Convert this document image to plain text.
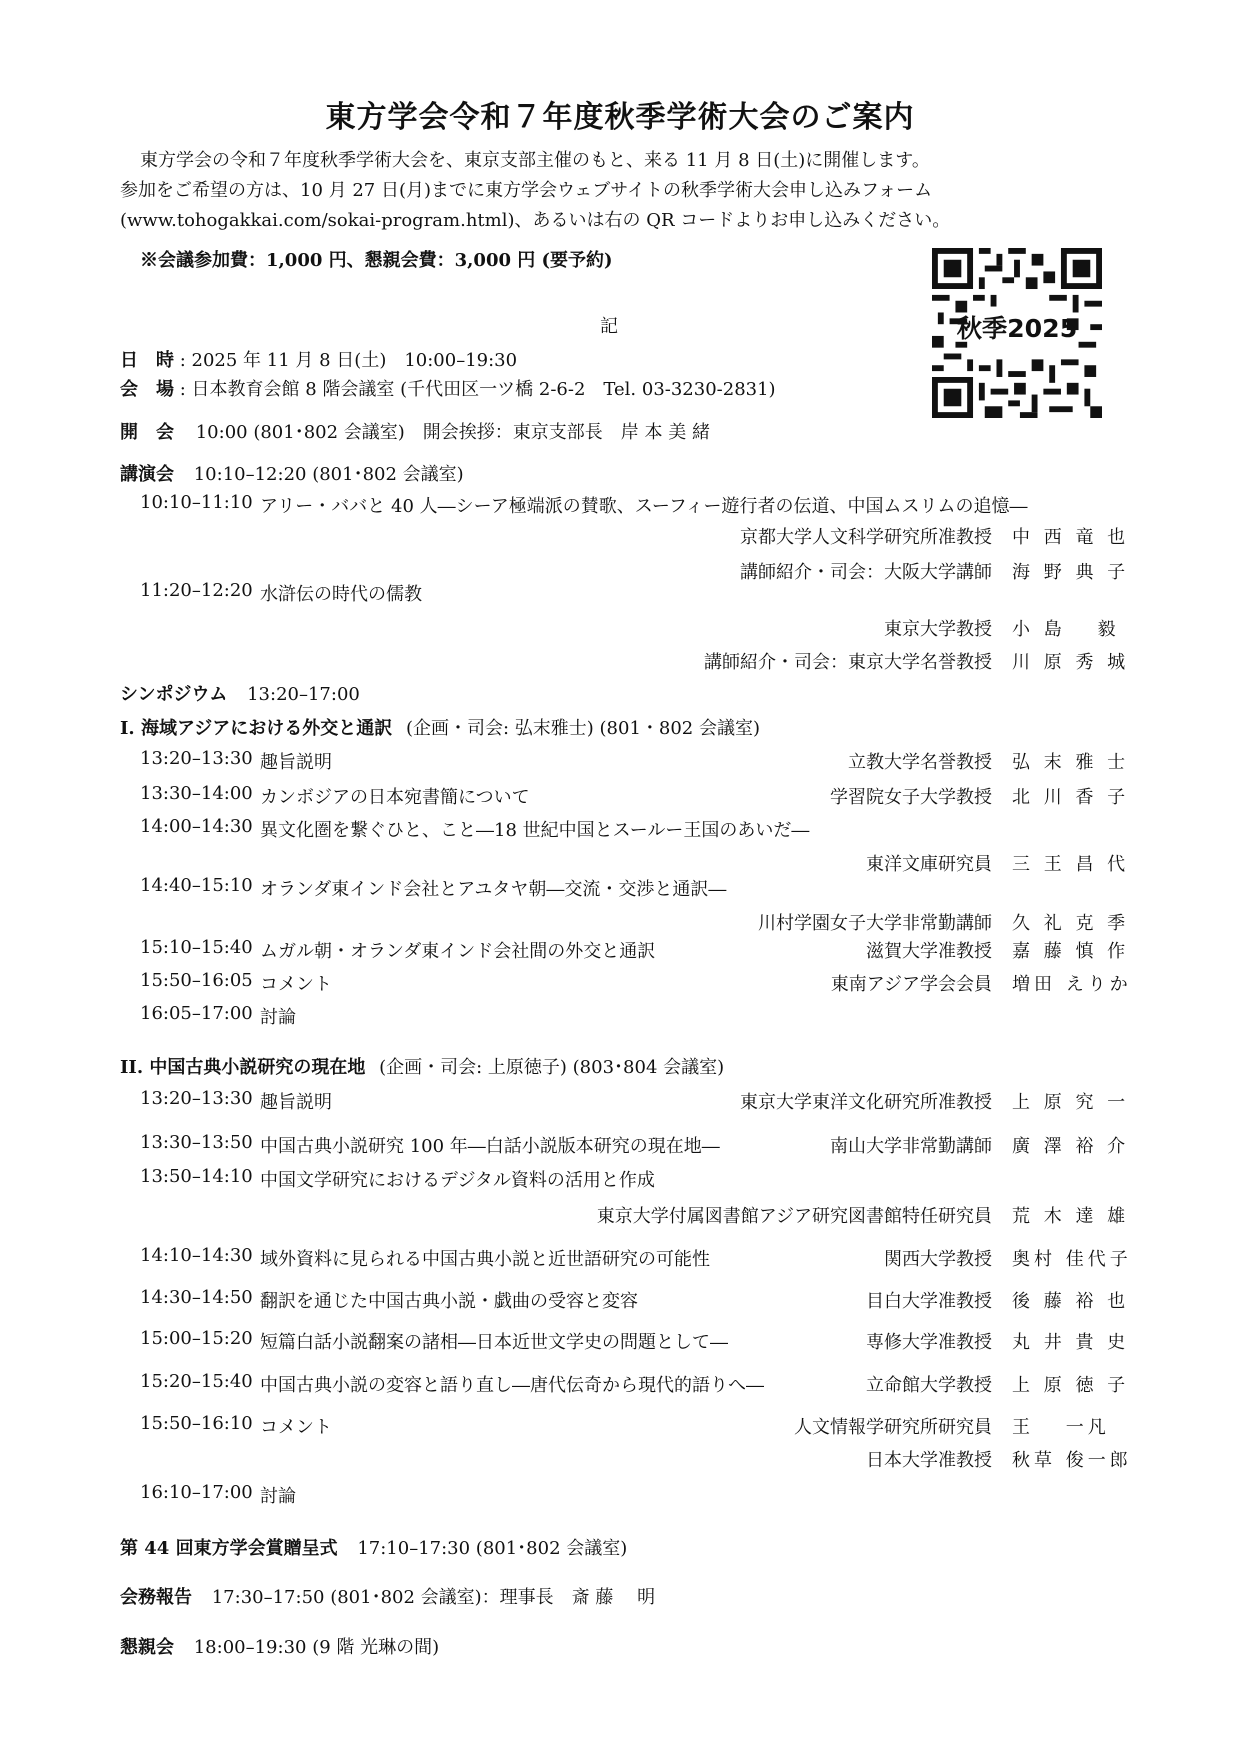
東方学会令和７年度秋季学術大会のご案内

東方学会の令和７年度秋季学術大会を、東京支部主催のもと、来る 11 月 8 日(土)に開催します。

参加をご希望の方は、10 月 27 日(月)までに東方学会ウェブサイトの秋季学術大会申し込みフォーム

(www.tohogakkai.com/sokai-program.html)、あるいは右の QR コードよりお申し込みください。

※会議参加費：1,000 円、懇親会費：3,000 円 (要予約)
秋季2025
記
日　時 : 2025 年 11 月 8 日(土)　10:00–19:30
会　場 : 日本教育会館 8 階会議室 (千代田区一ツ橋 2-6-2　Tel. 03-3230-2831)
開　会 10:00 (801･802 会議室)　開会挨拶：東京支部長　岸 本 美 緒
講演会 10:10–12:20 (801･802 会議室)
10:10–11:10 アリー・ババと 40 人―シーア極端派の賛歌、スーフィー遊行者の伝道、中国ムスリムの追憶―
京都大学人文科学研究所准教授 中 西 竜 也
講師紹介・司会：大阪大学講師 海 野 典 子
11:20–12:20 水滸伝の時代の儒教
東京大学教授 小 島　 毅
講師紹介・司会：東京大学名誉教授 川 原 秀 城
シンポジウム 13:20–17:00
I. 海域アジアにおける外交と通訳 (企画・司会: 弘末雅士) (801・802 会議室)
13:20–13:30 趣旨説明	立教大学名誉教授 弘 末 雅 士
13:30–14:00 カンボジアの日本宛書簡について	学習院女子大学教授 北 川 香 子
14:00–14:30 異文化圏を繋ぐひと、こと―18 世紀中国とスールー王国のあいだ―
東洋文庫研究員 三 王 昌 代
14:40–15:10 オランダ東インド会社とアユタヤ朝―交流・交渉と通訳―
川村学園女子大学非常勤講師 久 礼 克 季
15:10–15:40 ムガル朝・オランダ東インド会社間の外交と通訳	滋賀大学准教授 嘉 藤 慎 作
15:50–16:05 コメント	東南アジア学会会員 増田 えりか
16:05–17:00 討論
II. 中国古典小説研究の現在地 (企画・司会: 上原徳子) (803･804 会議室)
13:20–13:30 趣旨説明	東京大学東洋文化研究所准教授 上 原 究 一
13:30–13:50 中国古典小説研究 100 年―白話小説版本研究の現在地―	南山大学非常勤講師 廣 澤 裕 介
13:50–14:10 中国文学研究におけるデジタル資料の活用と作成
東京大学付属図書館アジア研究図書館特任研究員 荒 木 達 雄
14:10–14:30 域外資料に見られる中国古典小説と近世語研究の可能性	関西大学教授 奥村 佳代子
14:30–14:50 翻訳を通じた中国古典小説・戯曲の受容と変容	目白大学准教授 後 藤 裕 也
15:00–15:20 短篇白話小説翻案の諸相―日本近世文学史の問題として―	専修大学准教授 丸 井 貴 史
15:20–15:40 中国古典小説の変容と語り直し―唐代伝奇から現代的語りへ―	立命館大学教授 上 原 徳 子
15:50–16:10 コメント	人文情報学研究所研究員 王　 一凡
日本大学准教授 秋草 俊一郎
16:10–17:00 討論
第 44 回東方学会賞贈呈式 17:10–17:30 (801･802 会議室)
会務報告 17:30–17:50 (801･802 会議室)：理事長　斎 藤　 明
懇親会 18:00–19:30 (9 階 光琳の間)
